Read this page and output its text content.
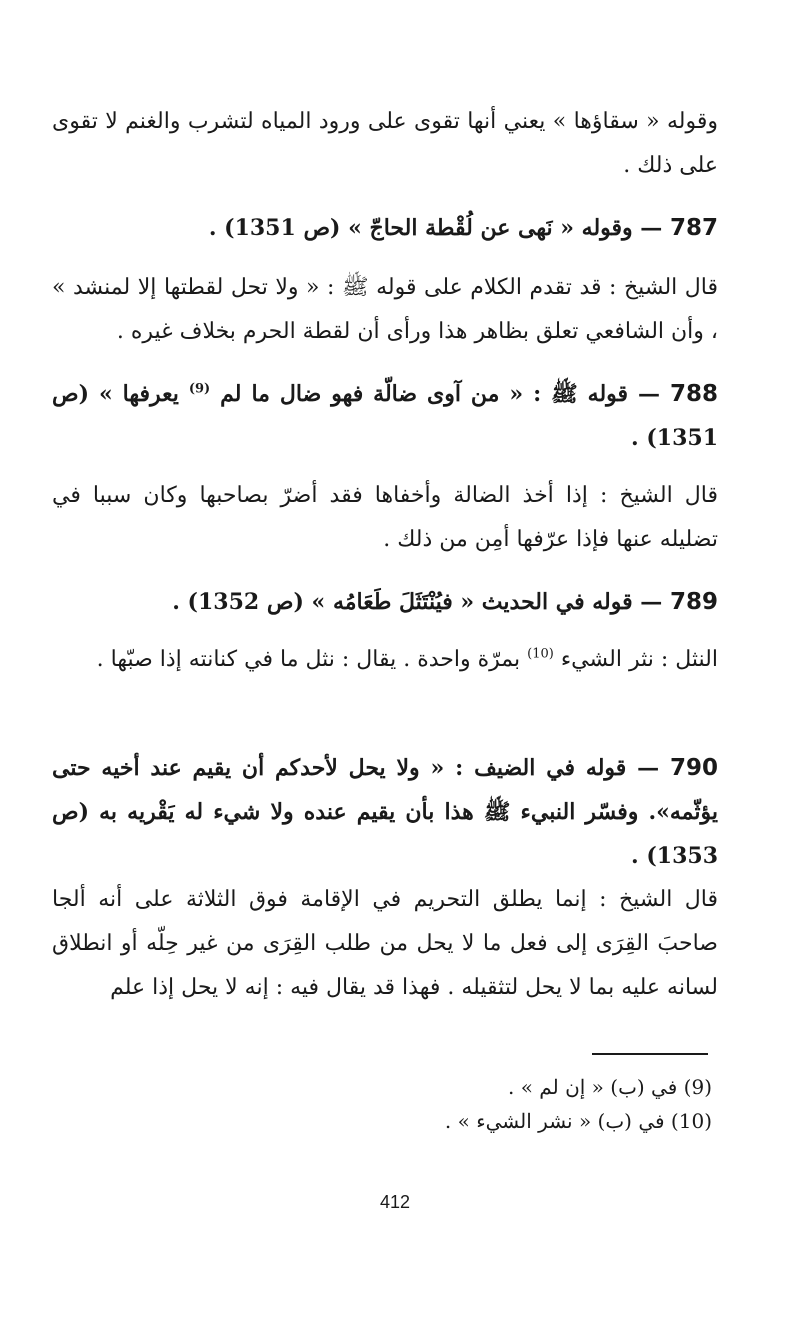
وقوله « سقاؤها » يعني أنها تقوى على ورود المياه لتشرب والغنم لا تقوى على ذلك .

787 — وقوله « نَهى عن لُقْطة الحاجّ » (ص 1351) .

قال الشيخ : قد تقدم الكلام على قوله ﷺ : « ولا تحل لقطتها إلا لمنشد » ، وأن الشافعي تعلق بظاهر هذا ورأى أن لقطة الحرم بخلاف غيره .

788 — قوله ﷺ : « من آوى ضالّة فهو ضال ما لم $^{(9)}$ يعرفها » (ص 1351) .

قال الشيخ : إذا أخذ الضالة وأخفاها فقد أضرّ بصاحبها وكان سببا في تضليله عنها فإذا عرّفها أمِن من ذلك .

789 — قوله في الحديث « فيُنْتَثَلَ طَعَامُه » (ص 1352) .

النثل : نثر الشيء $^{(10)}$ بمرّة واحدة . يقال : نثل ما في كنانته إذا صبّها .

790 — قوله في الضيف : « ولا يحل لأحدكم أن يقيم عند أخيه حتى يؤثّمه». وفسّر النبيء ﷺ هذا بأن يقيم عنده ولا شيء له يَقْريه به (ص 1353) .

قال الشيخ : إنما يطلق التحريم في الإقامة فوق الثلاثة على أنه ألجا صاحبَ القِرَى إلى فعل ما لا يحل من طلب القِرَى من غير حِلّه أو انطلاق لسانه عليه بما لا يحل لتثقيله . فهذا قد يقال فيه : إنه لا يحل إذا علم

(9) في (ب) « إن لم » .

(10) في (ب) « نشر الشيء » .

412
